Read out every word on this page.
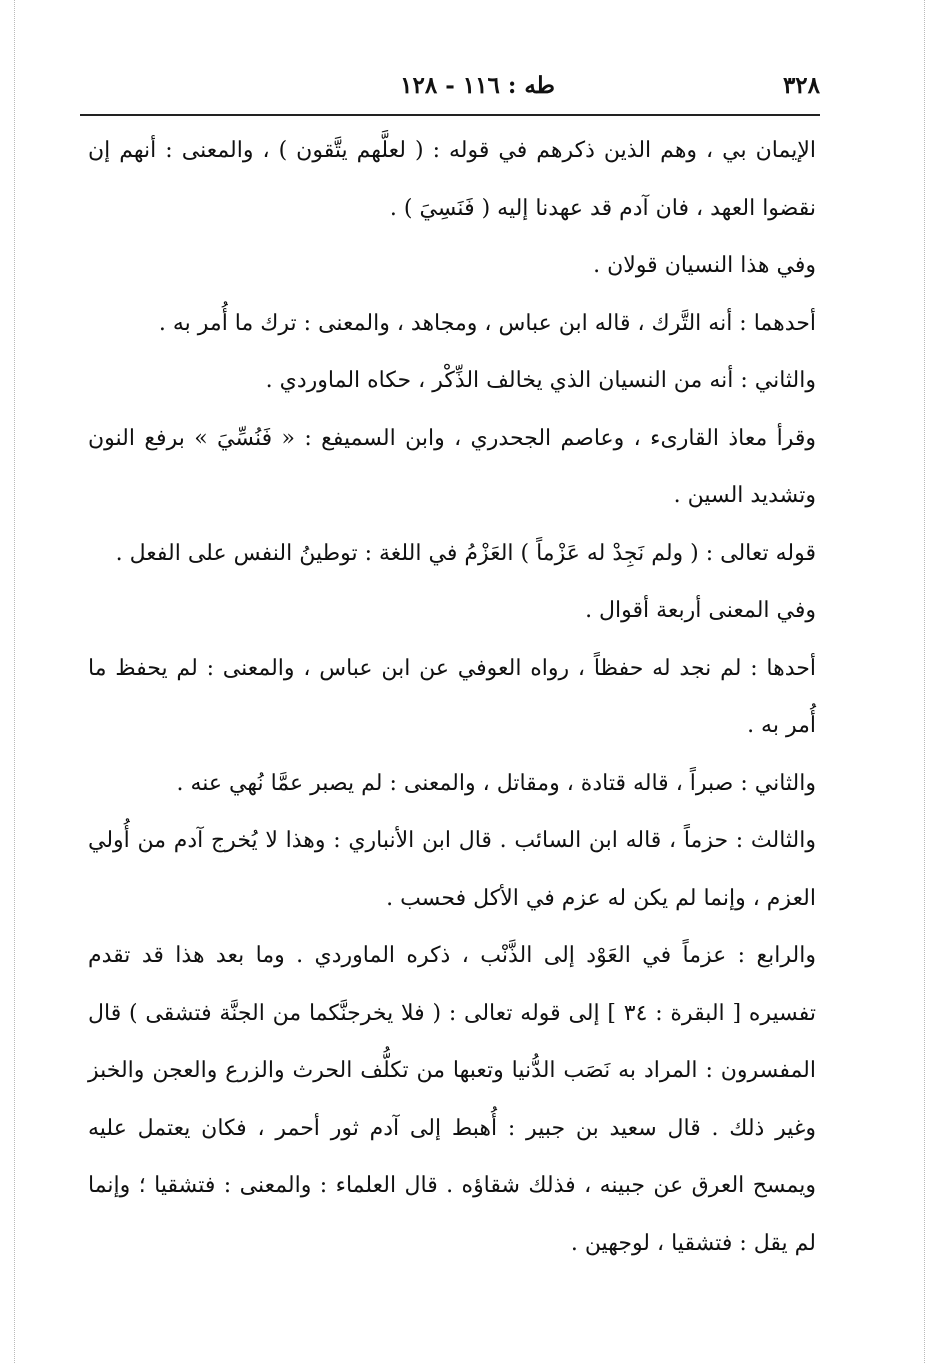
٣٢٨
طه : ١١٦ - ١٢٨

الإيمان بي ، وهم الذين ذكرهم في قوله : ( لعلَّهم يتَّقون ) ، والمعنى : أنهم إن نقضوا العهد ، فان آدم قد عهدنا إليه ( فَنَسِيَ ) .

وفي هذا النسيان قولان .

أحدهما : أنه التَّرك ، قاله ابن عباس ، ومجاهد ، والمعنى : ترك ما أُمر به .

والثاني : أنه من النسيان الذي يخالف الذِّكْر ، حكاه الماوردي .

وقرأ معاذ القارىء ، وعاصم الجحدري ، وابن السميفع : « فَنُسِّيَ » برفع النون وتشديد السين .

قوله تعالى : ( ولم نَجِدْ له عَزْماً ) العَزْمُ في اللغة : توطينُ النفس على الفعل .

وفي المعنى أربعة أقوال .

أحدها : لم نجد له حفظاً ، رواه العوفي عن ابن عباس ، والمعنى : لم يحفظ ما أُمر به .

والثاني : صبراً ، قاله قتادة ، ومقاتل ، والمعنى : لم يصبر عمَّا نُهي عنه .

والثالث : حزماً ، قاله ابن السائب . قال ابن الأنباري : وهذا لا يُخرج آدم من أُولي العزم ، وإنما لم يكن له عزم في الأكل فحسب .

والرابع : عزماً في العَوْد إلى الذَّنْب ، ذكره الماوردي . وما بعد هذا قد تقدم تفسيره [ البقرة : ٣٤ ] إلى قوله تعالى : ( فلا يخرجنَّكما من الجنَّة فتشقى ) قال المفسرون : المراد به نَصَب الدُّنيا وتعبها من تكلُّف الحرث والزرع والعجن والخبز وغير ذلك . قال سعيد بن جبير : أُهبط إلى آدم ثور أحمر ، فكان يعتمل عليه ويمسح العرق عن جبينه ، فذلك شقاؤه . قال العلماء : والمعنى : فتشقيا ؛ وإنما لم يقل : فتشقيا ، لوجهين .
